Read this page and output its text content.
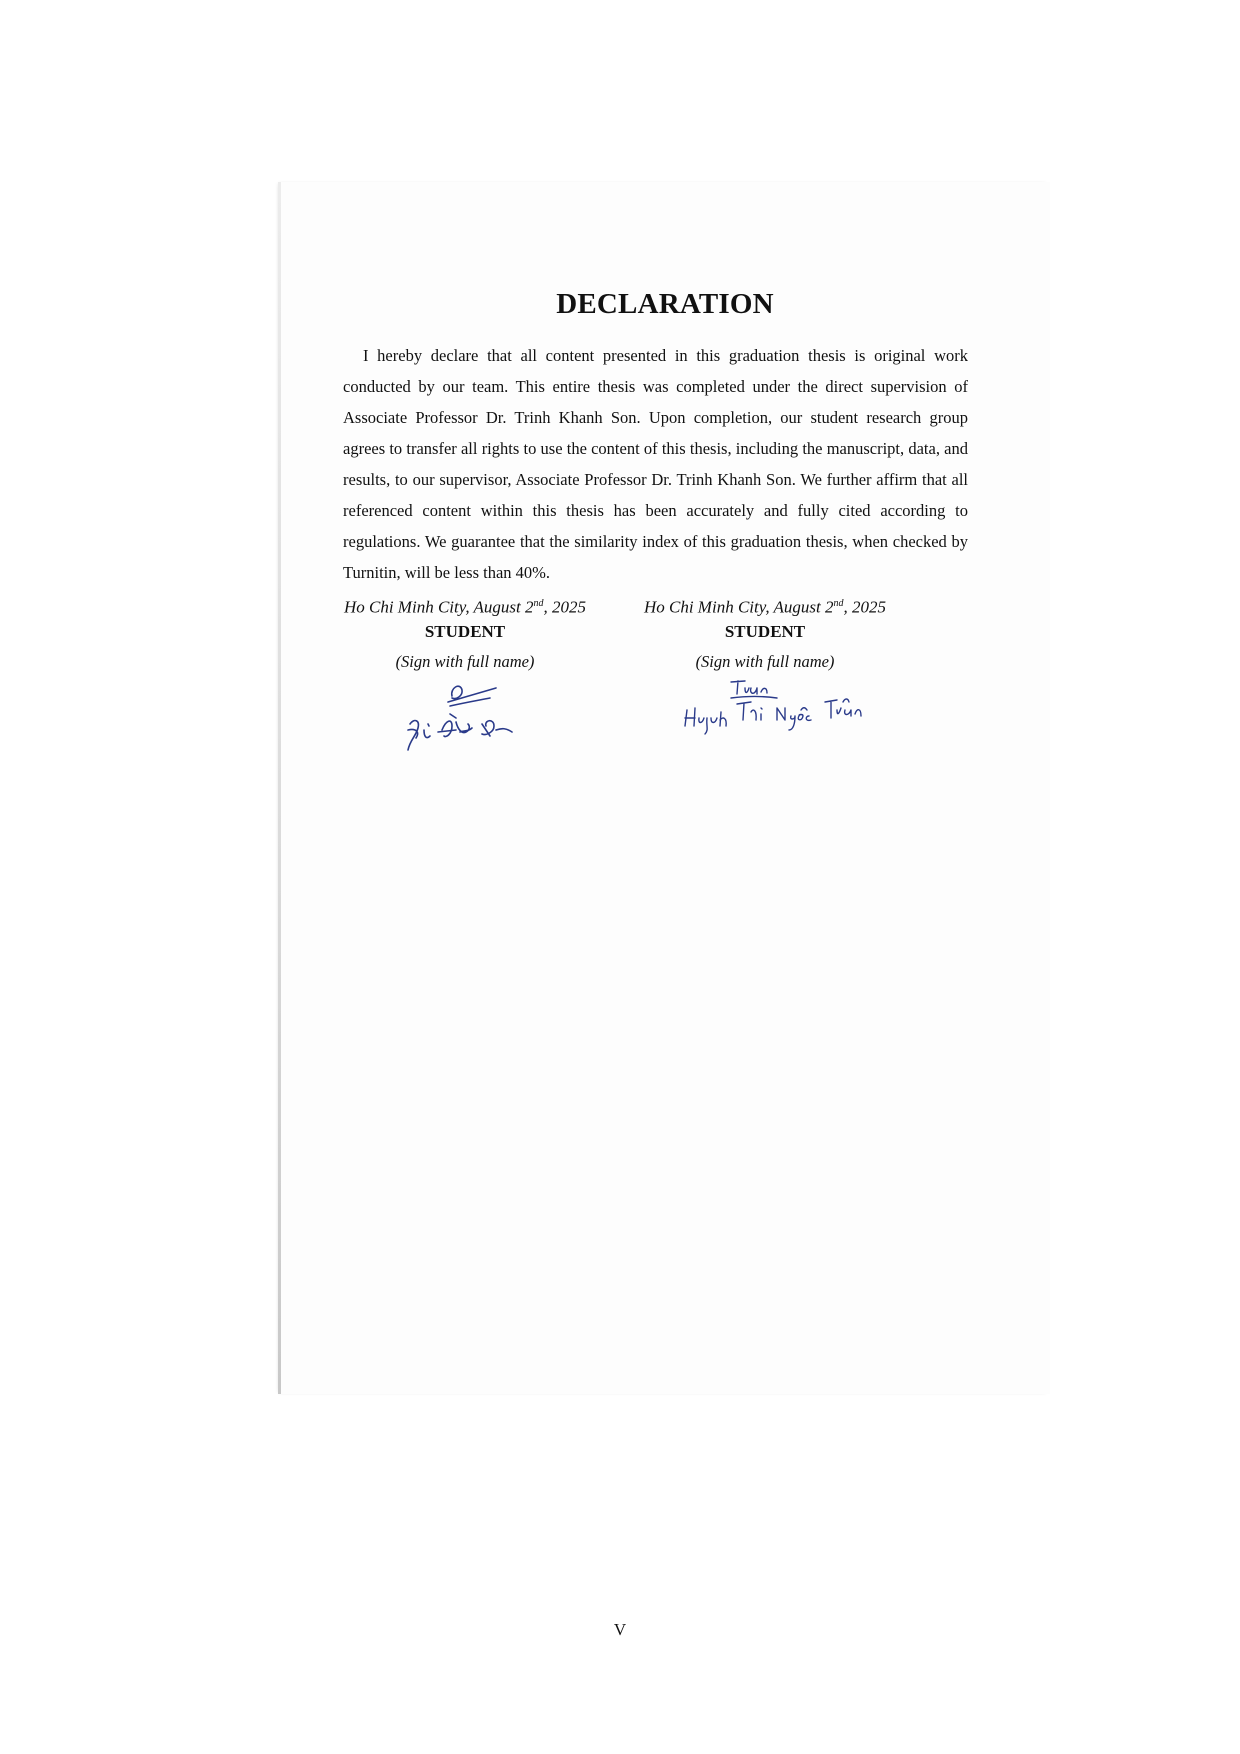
DECLARATION

I hereby declare that all content presented in this graduation thesis is original work conducted by our team. This entire thesis was completed under the direct supervision of Associate Professor Dr. Trinh Khanh Son. Upon completion, our student research group agrees to transfer all rights to use the content of this thesis, including the manuscript, data, and results, to our supervisor, Associate Professor Dr. Trinh Khanh Son. We further affirm that all referenced content within this thesis has been accurately and fully cited according to regulations. We guarantee that the similarity index of this graduation thesis, when checked by Turnitin, will be less than 40%.

Ho Chi Minh City, August 2nd, 2025
STUDENT
(Sign with full name)
Ho Chi Minh City, August 2nd, 2025
STUDENT
(Sign with full name)
V
